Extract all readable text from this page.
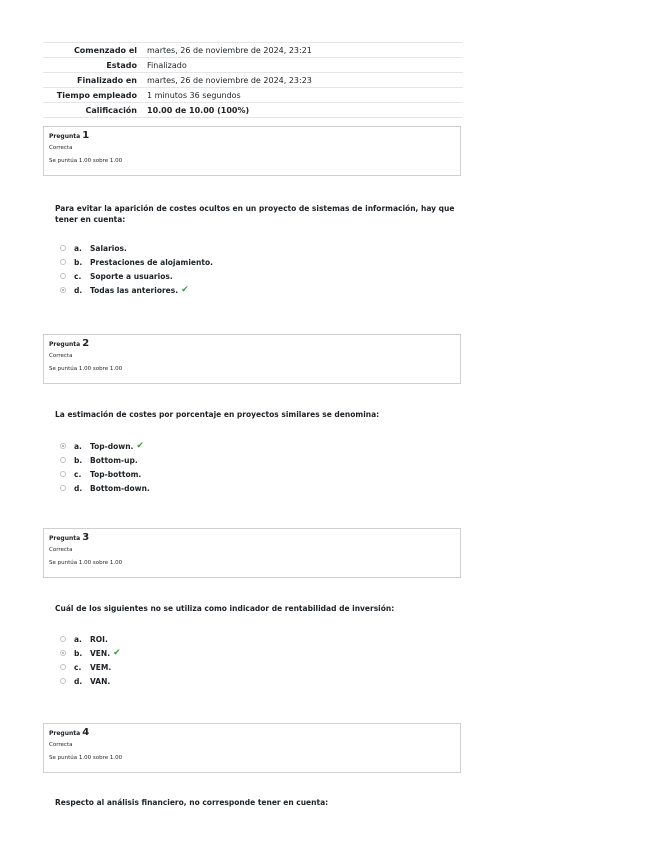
Comenzado el	martes, 26 de noviembre de 2024, 23:21
Estado	Finalizado
Finalizado en	martes, 26 de noviembre de 2024, 23:23
Tiempo empleado	1 minutos 36 segundos
Calificación	10.00 de 10.00 (100%)
Pregunta 1
Correcta
Se puntúa 1.00 sobre 1.00
Para evitar la aparición de costes ocultos en un proyecto de sistemas de información, hay que tener en cuenta:
a.	Salarios.
b.	Prestaciones de alojamiento.
c.	Soporte a usuarios.
d.	Todas las anteriores. ✔
Pregunta 2
Correcta
Se puntúa 1.00 sobre 1.00
La estimación de costes por porcentaje en proyectos similares se denomina:
a.	Top-down. ✔
b.	Bottom-up.
c.	Top-bottom.
d.	Bottom-down.
Pregunta 3
Correcta
Se puntúa 1.00 sobre 1.00
Cuál de los siguientes no se utiliza como indicador de rentabilidad de inversión:
a.	ROI.
b.	VEN. ✔
c.	VEM.
d.	VAN.
Pregunta 4
Correcta
Se puntúa 1.00 sobre 1.00
Respecto al análisis financiero, no corresponde tener en cuenta:
